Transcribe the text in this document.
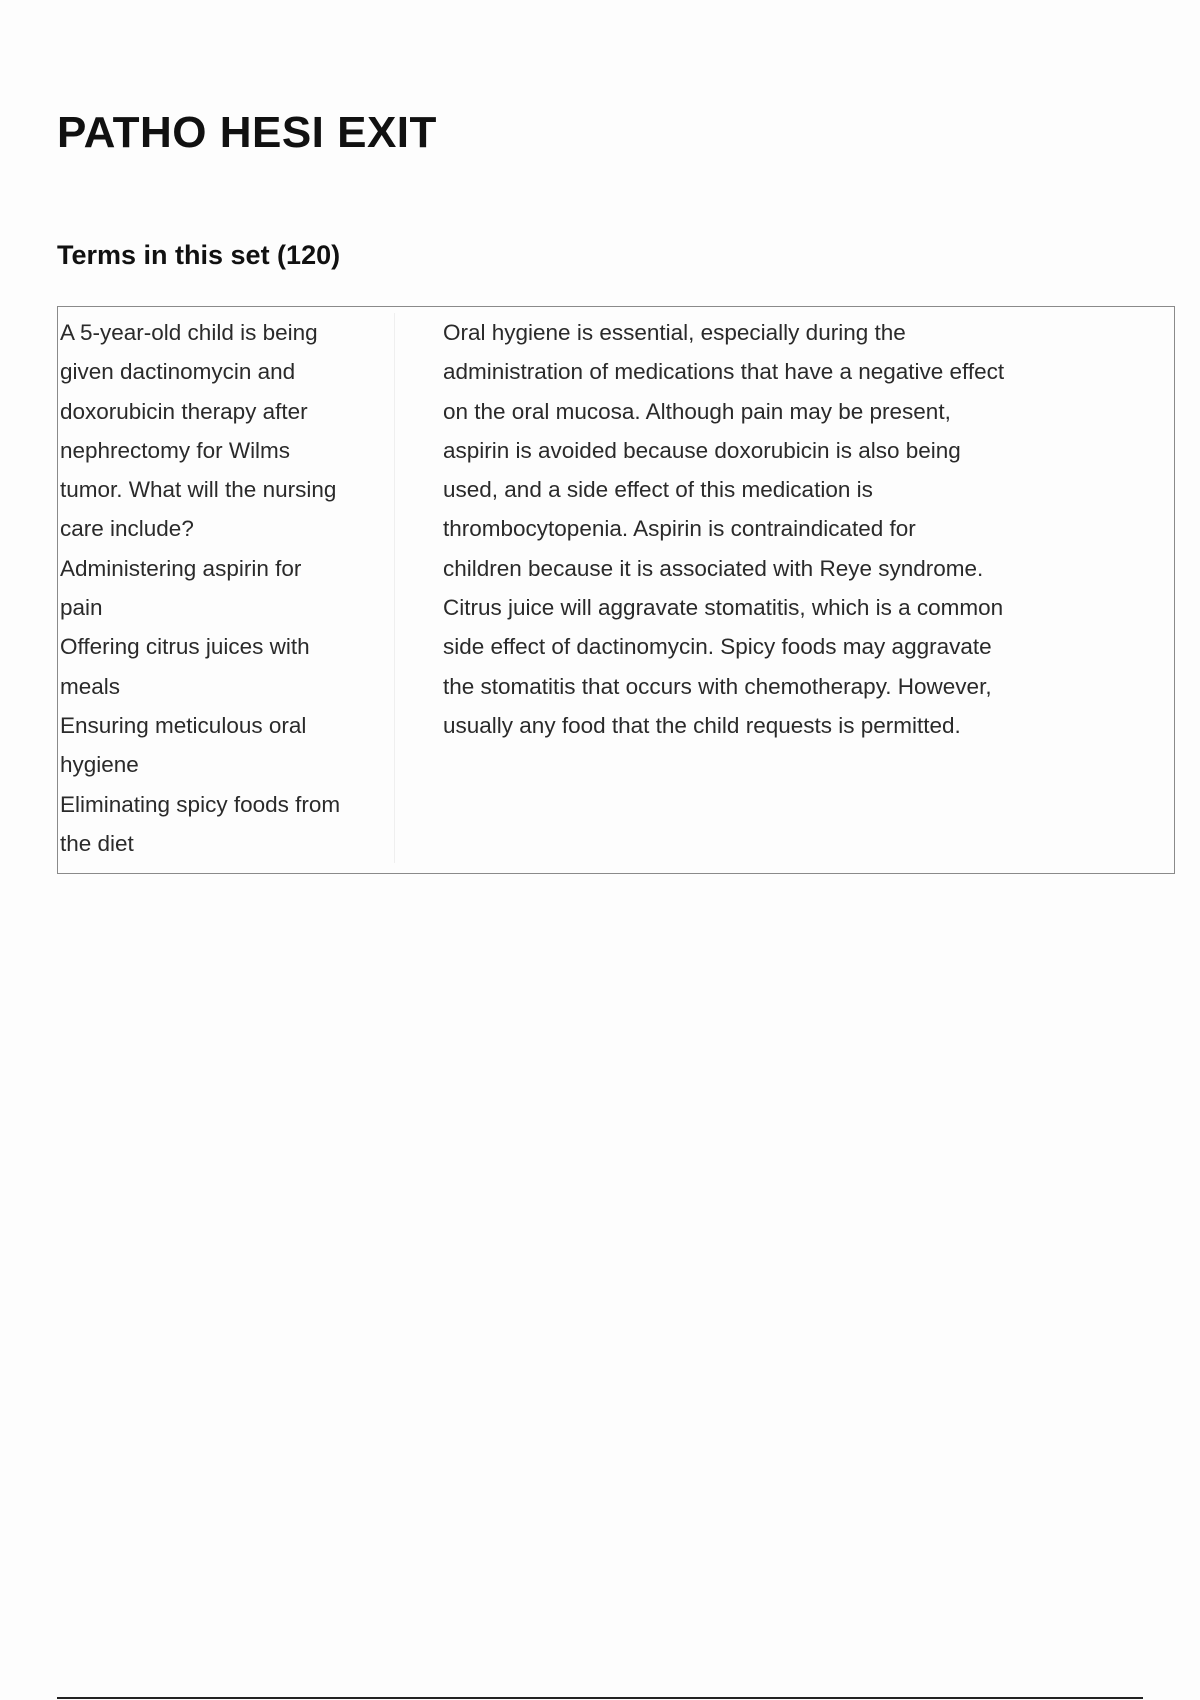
PATHO HESI EXIT
Terms in this set (120)
A 5-year-old child is being
given dactinomycin and
doxorubicin therapy after
nephrectomy for Wilms
tumor. What will the nursing
care include?
Administering aspirin for
pain
Offering citrus juices with
meals
Ensuring meticulous oral
hygiene
Eliminating spicy foods from
the diet
Oral hygiene is essential, especially during the
administration of medications that have a negative effect
on the oral mucosa. Although pain may be present,
aspirin is avoided because doxorubicin is also being
used, and a side effect of this medication is
thrombocytopenia. Aspirin is contraindicated for
children because it is associated with Reye syndrome.
Citrus juice will aggravate stomatitis, which is a common
side effect of dactinomycin. Spicy foods may aggravate
the stomatitis that occurs with chemotherapy. However,
usually any food that the child requests is permitted.
